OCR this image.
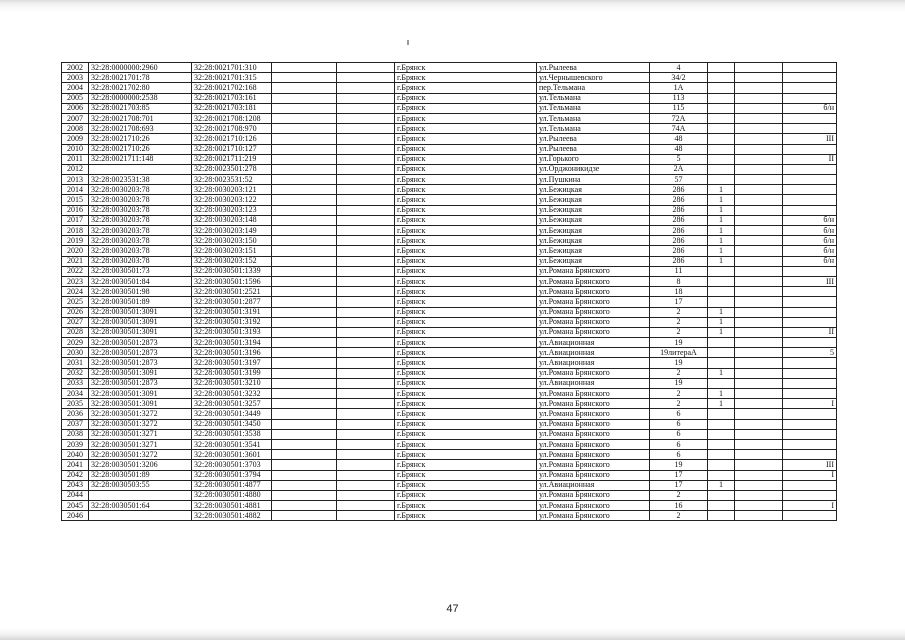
2002	32:28:0000000:2960	32:28:0021701:310			г.Брянск	ул.Рылеева	4			
2003	32:28:0021701:78	32:28:0021701:315			г.Брянск	ул.Чернышевского	34/2			
2004	32:28:0021702:80	32:28:0021702:168			г.Брянск	пер.Тельмана	1А			
2005	32:28:0000000:2538	32:28:0021703:161			г.Брянск	ул.Тельмана	113			
2006	32:28:0021703:85	32:28:0021703:181			г.Брянск	ул.Тельмана	115			б/н
2007	32:28:0021708:701	32:28:0021708:1208			г.Брянск	ул.Тельмана	72А			
2008	32:28:0021708:693	32:28:0021708:970			г.Брянск	ул.Тельмана	74А			
2009	32:28:0021710:26	32:28:0021710:126			г.Брянск	ул.Рылеева	48			III
2010	32:28:0021710:26	32:28:0021710:127			г.Брянск	ул.Рылеева	48			
2011	32:28:0021711:148	32:28:0021711:219			г.Брянск	ул.Горького	5			II
2012		32:28:0023501:278			г.Брянск	ул.Орджоникидзе	2А			
2013	32:28:0023531:38	32:28:0023531:52			г.Брянск	ул.Пушкина	57			
2014	32:28:0030203:78	32:28:0030203:121			г.Брянск	ул.Бежицкая	286	1		
2015	32:28:0030203:78	32:28:0030203:122			г.Брянск	ул.Бежицкая	286	1		
2016	32:28:0030203:78	32:28:0030203:123			г.Брянск	ул.Бежицкая	286	1		
2017	32:28:0030203:78	32:28:0030203:148			г.Брянск	ул.Бежицкая	286	1		б/н
2018	32:28:0030203:78	32:28:0030203:149			г.Брянск	ул.Бежицкая	286	1		б/н
2019	32:28:0030203:78	32:28:0030203:150			г.Брянск	ул.Бежицкая	286	1		б/н
2020	32:28:0030203:78	32:28:0030203:151			г.Брянск	ул.Бежицкая	286	1		б/н
2021	32:28:0030203:78	32:28:0030203:152			г.Брянск	ул.Бежицкая	286	1		б/н
2022	32:28:0030501:73	32:28:0030501:1339			г.Брянск	ул.Романа Брянского	11			
2023	32:28:0030501:84	32:28:0030501:1596			г.Брянск	ул.Романа Брянского	8			III
2024	32:28:0030501:98	32:28:0030501:2521			г.Брянск	ул.Романа Брянского	18			
2025	32:28:0030501:89	32:28:0030501:2877			г.Брянск	ул.Романа Брянского	17			
2026	32:28:0030501:3091	32:28:0030501:3191			г.Брянск	ул.Романа Брянского	2	1		
2027	32:28:0030501:3091	32:28:0030501:3192			г.Брянск	ул.Романа Брянского	2	1		
2028	32:28:0030501:3091	32:28:0030501:3193			г.Брянск	ул.Романа Брянского	2	1		II
2029	32:28:0030501:2873	32:28:0030501:3194			г.Брянск	ул.Авиационная	19			
2030	32:28:0030501:2873	32:28:0030501:3196			г.Брянск	ул.Авиационная	19литераА			5
2031	32:28:0030501:2873	32:28:0030501:3197			г.Брянск	ул.Авиационная	19			
2032	32:28:0030501:3091	32:28:0030501:3199			г.Брянск	ул.Романа Брянского	2	1		
2033	32:28:0030501:2873	32:28:0030501:3210			г.Брянск	ул.Авиационная	19			
2034	32:28:0030501:3091	32:28:0030501:3232			г.Брянск	ул.Романа Брянского	2	1		
2035	32:28:0030501:3091	32:28:0030501:3257			г.Брянск	ул.Романа Брянского	2	1		I
2036	32:28:0030501:3272	32:28:0030501:3449			г.Брянск	ул.Романа Брянского	6			
2037	32:28:0030501:3272	32:28:0030501:3450			г.Брянск	ул.Романа Брянского	6			
2038	32:28:0030501:3271	32:28:0030501:3538			г.Брянск	ул.Романа Брянского	6			
2039	32:28:0030501:3271	32:28:0030501:3541			г.Брянск	ул.Романа Брянского	6			
2040	32:28:0030501:3272	32:28:0030501:3601			г.Брянск	ул.Романа Брянского	6			
2041	32:28:0030501:3206	32:28:0030501:3703			г.Брянск	ул.Романа Брянского	19			III
2042	32:28:0030501:89	32:28:0030501:3794			г.Брянск	ул.Романа Брянского	17			I
2043	32:28:0030503:55	32:28:0030501:4877			г.Брянск	ул.Авиационная	17	1		
2044		32:28:0030501:4880			г.Брянск	ул.Романа Брянского	2			
2045	32:28:0030501:64	32:28:0030501:4881			г.Брянск	ул.Романа Брянского	16			I
2046		32:28:0030501:4882			г.Брянск	ул.Романа Брянского	2			
47
